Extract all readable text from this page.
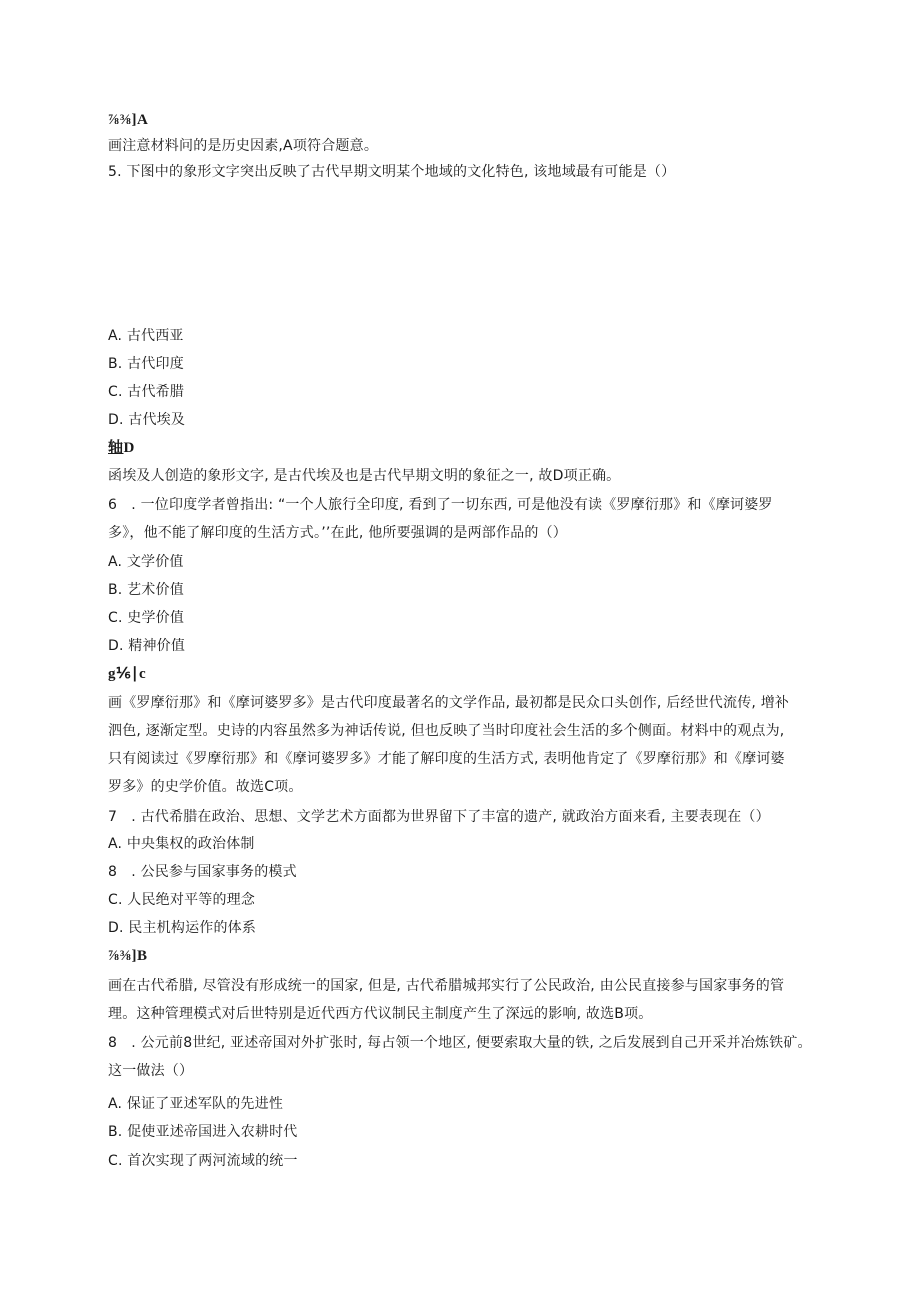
⅞⅜]A
画注意材料问的是历史因素,A项符合题意。
5. 下图中的象形文字突出反映了古代早期文明某个地域的文化特色, 该地域最有可能是（）
A. 古代西亚
B. 古代印度
C. 古代希腊
D. 古代埃及
轴D
函埃及人创造的象形文字, 是古代埃及也是古代早期文明的象征之一, 故D项正确。
6　. 一位印度学者曾指出: “一个人旅行全印度, 看到了一切东西, 可是他没有读《罗摩衍那》和《摩诃婆罗
多》，他不能了解印度的生活方式。’’在此, 他所要强调的是两部作品的（）
A. 文学价值
B. 艺术价值
C. 史学价值
D. 精神价值
g⅙∣c
画《罗摩衍那》和《摩诃婆罗多》是古代印度最著名的文学作品, 最初都是民众口头创作, 后经世代流传, 增补
泗色, 逐渐定型。史诗的内容虽然多为神话传说, 但也反映了当时印度社会生活的多个侧面。材料中的观点为,
只有阅读过《罗摩衍那》和《摩诃婆罗多》才能了解印度的生活方式, 表明他肯定了《罗摩衍那》和《摩诃婆
罗多》的史学价值。故选C项。
7　. 古代希腊在政治、思想、文学艺术方面都为世界留下了丰富的遗产, 就政治方面来看, 主要表现在（）
A. 中央集权的政治体制
8　. 公民参与国家事务的模式
C. 人民绝对平等的理念
D. 民主机构运作的体系
⅞⅜]B
画在古代希腊, 尽管没有形成统一的国家, 但是, 古代希腊城邦实行了公民政治, 由公民直接参与国家事务的管
理。这种管理模式对后世特别是近代西方代议制民主制度产生了深远的影响, 故选B项。
8　. 公元前8世纪, 亚述帝国对外扩张时, 每占领一个地区, 便要索取大量的铁, 之后发展到自己开采并冶炼铁矿。
这一做法（）
A. 保证了亚述军队的先进性
B. 促使亚述帝国进入农耕时代
C. 首次实现了两河流域的统一
